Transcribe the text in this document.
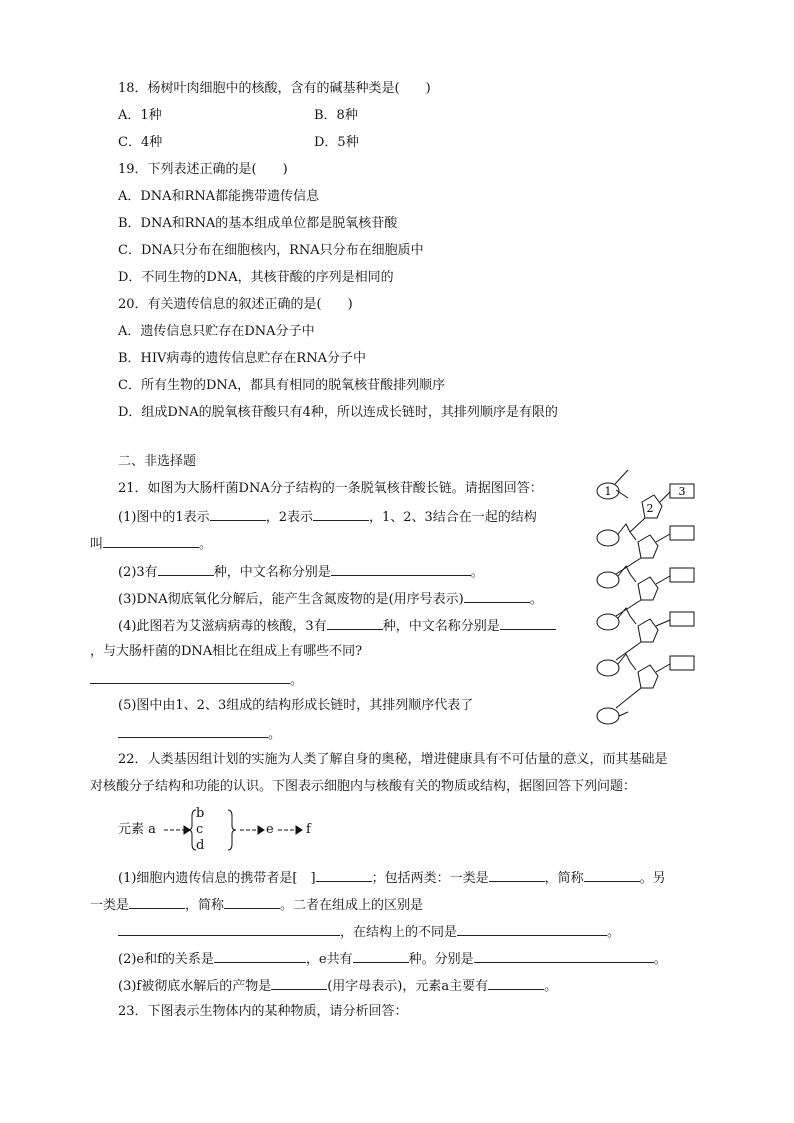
18．杨树叶肉细胞中的核酸，含有的碱基种类是(　　)
A．1种	B．8种
C．4种	D．5种
19．下列表述正确的是(　　)
A．DNA和RNA都能携带遗传信息
B．DNA和RNA的基本组成单位都是脱氧核苷酸
C．DNA只分布在细胞核内，RNA只分布在细胞质中
D．不同生物的DNA，其核苷酸的序列是相同的
20．有关遗传信息的叙述正确的是(　　)
A．遗传信息只贮存在DNA分子中
B．HIV病毒的遗传信息贮存在RNA分子中
C．所有生物的DNA，都具有相同的脱氧核苷酸排列顺序
D．组成DNA的脱氧核苷酸只有4种，所以连成长链时，其排列顺序是有限的
二、非选择题
21．如图为大肠杆菌DNA分子结构的一条脱氧核苷酸长链。请据图回答：
(1)图中的1表示	，2表示	，1、2、3结合在一起的结构
叫	。
(2)3有	种，中文名称分别是	。
(3)DNA彻底氧化分解后，能产生含氮废物的是(用序号表示)	。
(4)此图若为艾滋病病毒的核酸，3有	种，中文名称分别是
，与大肠杆菌的DNA相比在组成上有哪些不同?
。
(5)图中由1、2、3组成的结构形成长链时，其排列顺序代表了
。
1
2
3
22．人类基因组计划的实施为人类了解自身的奥秘，增进健康具有不可估量的意义，而其基础是
对核酸分子结构和功能的认识。下图表示细胞内与核酸有关的物质或结构，据图回答下列问题：
元素 a
b
c
d
e f
(1)细胞内遗传信息的携带者是[　]	；包括两类：一类是	，简称	。另
一类是	，简称	。二者在组成上的区别是
，在结构上的不同是	。
(2)e和f的关系是	，e共有	种。分别是	。
(3)f被彻底水解后的产物是	(用字母表示)，元素a主要有	。
23．下图表示生物体内的某种物质，请分析回答：
